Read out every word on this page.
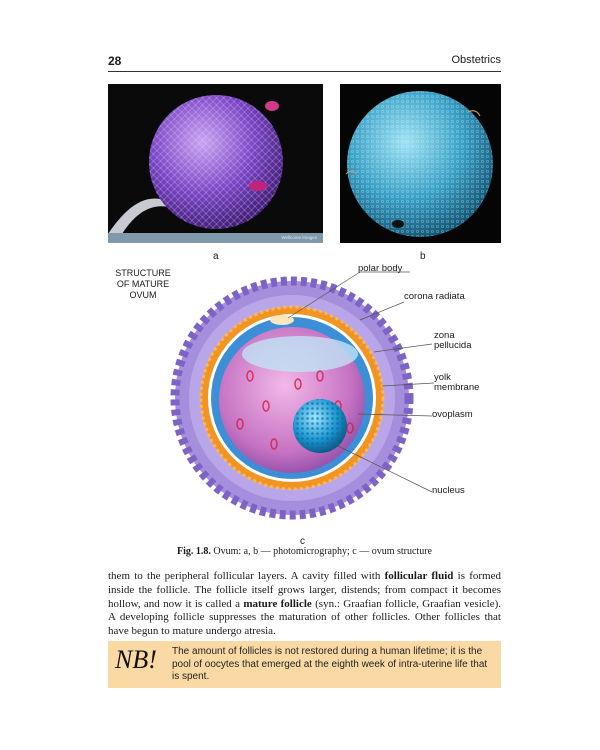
28	Obstetrics
Wellcome Images
a	b
STRUCTURE
OF MATURE
OVUM
polar body
corona radiata
zona
pellucida
yolk
membrane
ovoplasm
nucleus
c
Fig. 1.8. Ovum: a, b — photomicrography; c — ovum structure
them to the peripheral follicular layers. A cavity filled with follicular fluid is formed inside the follicle. The follicle itself grows larger, distends; from compact it becomes hollow, and now it is called a mature follicle (syn.: Graafian follicle, Graafian vesicle). A developing follicle suppresses the maturation of other follicles. Other follicles that have begun to mature undergo atresia.
NB! The amount of follicles is not restored during a human lifetime; it is the pool of oocytes that emerged at the eighth week of intra-uterine life that is spent.
